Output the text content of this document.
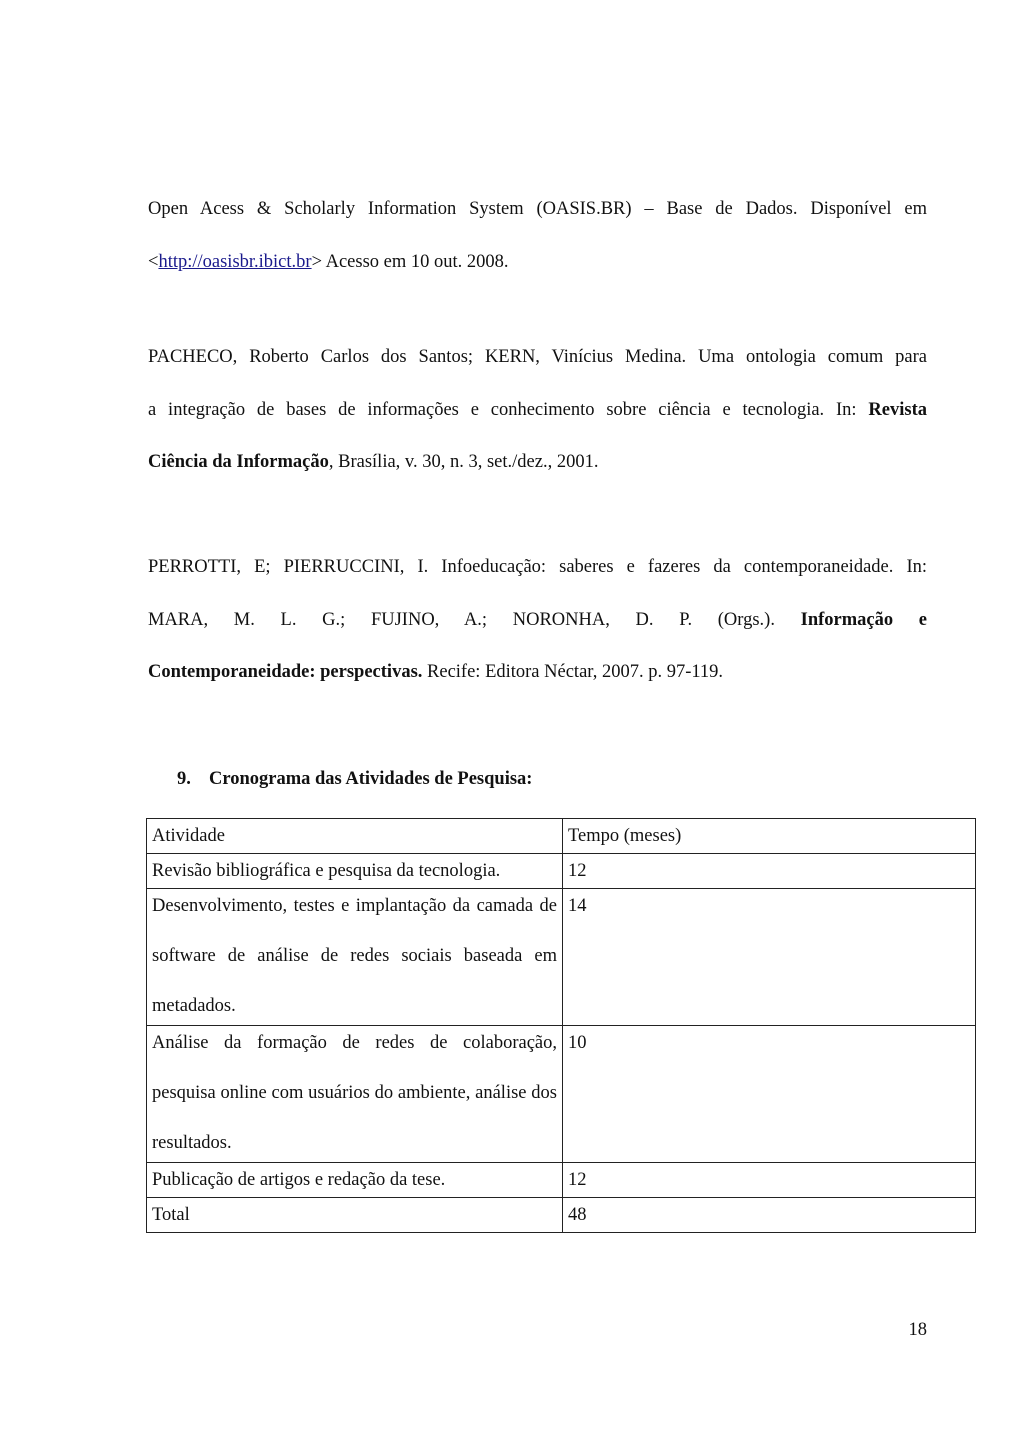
Open Acess & Scholarly Information System (OASIS.BR) – Base de Dados. Disponível em
<http://oasisbr.ibict.br> Acesso em 10 out. 2008.
PACHECO, Roberto Carlos dos Santos; KERN, Vinícius Medina. Uma ontologia comum para
a integração de bases de informações e conhecimento sobre ciência e tecnologia. In: Revista
Ciência da Informação, Brasília, v. 30, n. 3, set./dez., 2001.
PERROTTI, E; PIERRUCCINI, I. Infoeducação: saberes e fazeres da contemporaneidade. In:
MARA, M. L. G.; FUJINO, A.; NORONHA, D. P. (Orgs.). Informação e
Contemporaneidade: perspectivas. Recife: Editora Néctar, 2007. p. 97-119.
9. Cronograma das Atividades de Pesquisa:
Atividade	Tempo (meses)
Revisão bibliográfica e pesquisa da tecnologia.	12

Desenvolvimento, testes e implantação da camada de software de análise de redes sociais baseada em metadados.	14

Análise da formação de redes de colaboração, pesquisa online com usuários do ambiente, análise dos resultados.	10
Publicação de artigos e redação da tese.	12
Total	48
18
